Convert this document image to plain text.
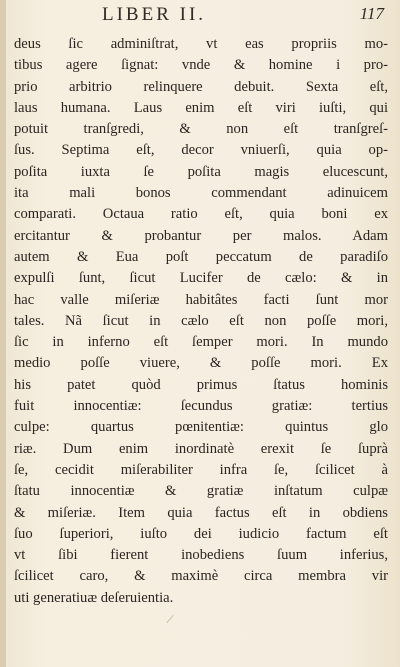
LIBER II.	117
deus ſic adminiſtrat, vt eas propriis mo-
tibus agere ſignat: vnde & homine i pro-
prio arbitrio relinquere debuit. Sexta eſt,
laus humana. Laus enim eſt viri iuſti, qui
potuit tranſgredi, & non eſt tranſgreſ-
ſus. Septima eſt, decor vniuerſi, quia op-
poſita iuxta ſe poſita magis elucescunt,
ita mali bonos commendant adinuicem
comparati. Octaua ratio eſt, quia boni ex
ercitantur & probantur per malos. Adam
autem & Eua poſt peccatum de paradiſo
expulſi ſunt, ſicut Lucifer de cælo: & in
hac valle miſeriæ habitâtes facti ſunt mor
tales. Nã ſicut in cælo eſt non poſſe mori,
ſic in inferno eſt ſemper mori. In mundo
medio poſſe viuere, & poſſe mori. Ex
his patet quòd primus ſtatus hominis
fuit innocentiæ: ſecundus gratiæ: tertius
culpe: quartus pœnitentiæ: quintus glo
riæ. Dum enim inordinatè erexit ſe ſuprà
ſe, cecidit miſerabiliter infra ſe, ſcilicet à
ſtatu innocentiæ & gratiæ inſtatum culpæ
& miſeriæ. Item quia factus eſt in obdiens
ſuo ſuperiori, iuſto dei iudicio factum eſt
vt ſibi fierent inobediens ſuum inferius,
ſcilicet caro, & maximè circa membra vir
uti generatiuæ deſeruientia.
